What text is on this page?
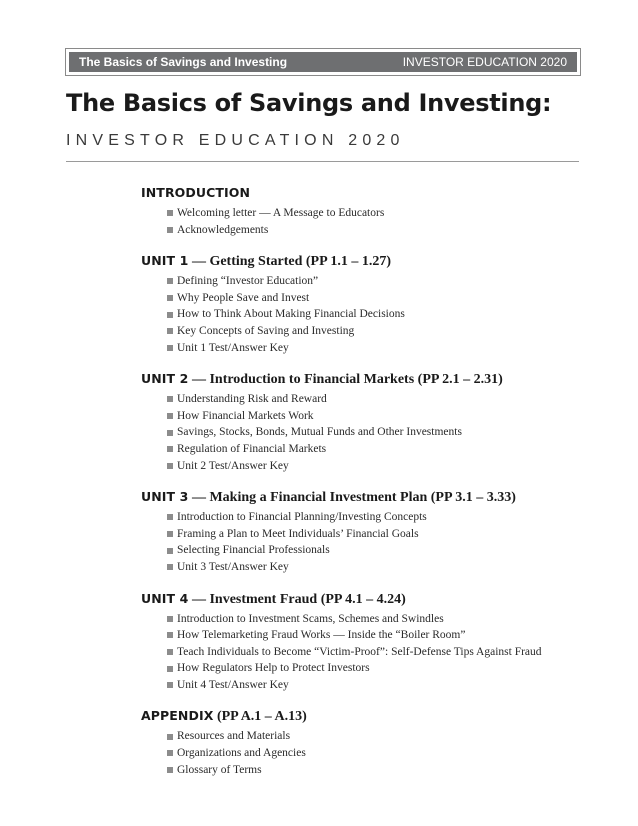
The Basics of Savings and Investing	INVESTOR EDUCATION 2020
The Basics of Savings and Investing:
INVESTOR EDUCATION 2020
INTRODUCTION
Welcoming letter — A Message to Educators
Acknowledgements
UNIT 1 — Getting Started (PP 1.1 – 1.27)
Defining “Investor Education”
Why People Save and Invest
How to Think About Making Financial Decisions
Key Concepts of Saving and Investing
Unit 1 Test/Answer Key
UNIT 2 — Introduction to Financial Markets (PP 2.1 – 2.31)
Understanding Risk and Reward
How Financial Markets Work
Savings, Stocks, Bonds, Mutual Funds and Other Investments
Regulation of Financial Markets
Unit 2 Test/Answer Key
UNIT 3 — Making a Financial Investment Plan (PP 3.1 – 3.33)
Introduction to Financial Planning/Investing Concepts
Framing a Plan to Meet Individuals’ Financial Goals
Selecting Financial Professionals
Unit 3 Test/Answer Key
UNIT 4 — Investment Fraud (PP 4.1 – 4.24)
Introduction to Investment Scams, Schemes and Swindles
How Telemarketing Fraud Works — Inside the “Boiler Room”
Teach Individuals to Become “Victim-Proof”: Self-Defense Tips Against Fraud
How Regulators Help to Protect Investors
Unit 4 Test/Answer Key
APPENDIX (PP A.1 – A.13)
Resources and Materials
Organizations and Agencies
Glossary of Terms
